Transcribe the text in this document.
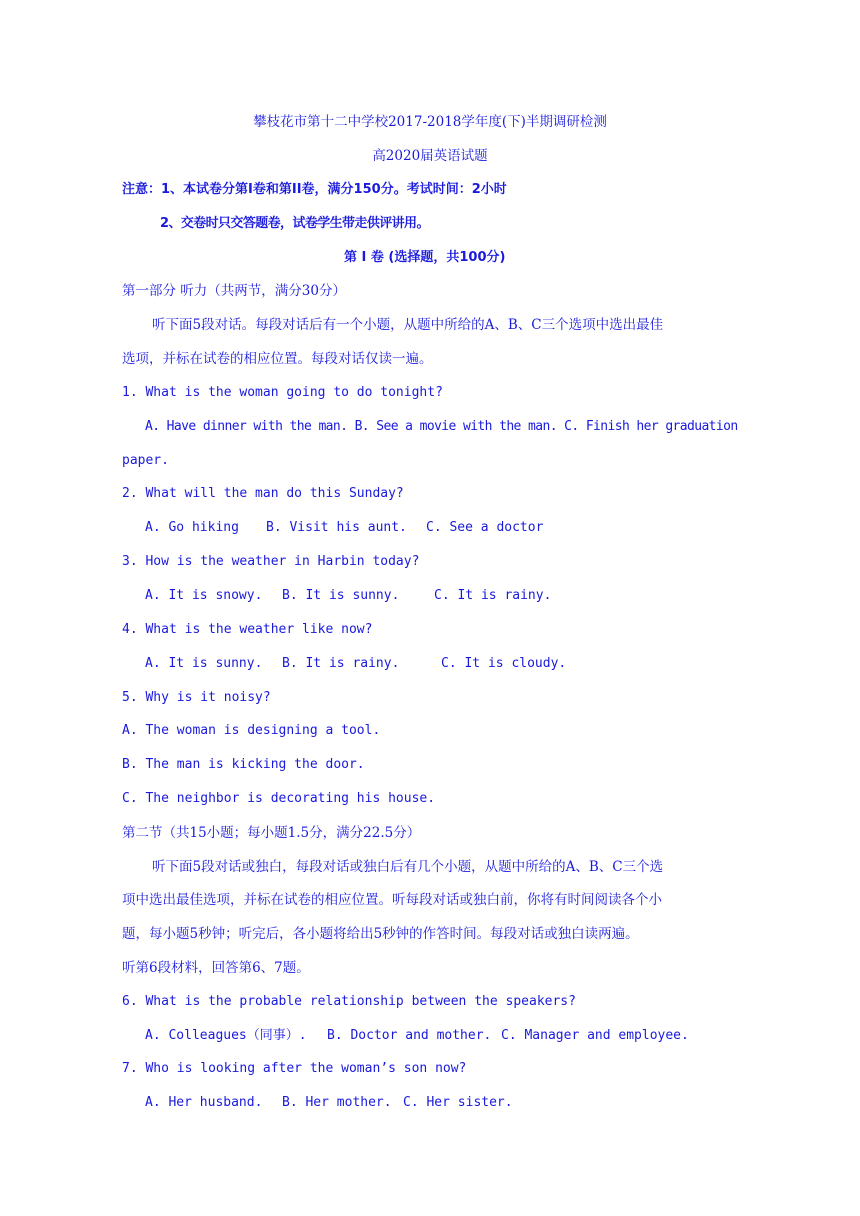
攀枝花市第十二中学校2017-2018学年度(下)半期调研检测
高2020届英语试题
注意：1、本试卷分第Ⅰ卷和第II卷，满分150分。考试时间：2小时
2、交卷时只交答题卷，试卷学生带走供评讲用。
第 Ⅰ 卷 (选择题，共100分)
第一部分 听力（共两节，满分30分）
听下面5段对话。每段对话后有一个小题，从题中所给的A、B、C三个选项中选出最佳
选项，并标在试卷的相应位置。每段对话仅读一遍。
1. What is the woman going to do tonight?
A. Have dinner with the man. B. See a movie with the man. C. Finish her graduation
paper.
2. What will the man do this Sunday?
A. Go hiking B. Visit his aunt. C. See a doctor
3. How is the weather in Harbin today?
A. It is snowy. B. It is sunny.	C. It is rainy.
4. What is the weather like now?
A. It is sunny. B. It is rainy.	C. It is cloudy.
5. Why is it noisy?
A. The woman is designing a tool.
B. The man is kicking the door.
C. The neighbor is decorating his house.
第二节（共15小题；每小题1.5分，满分22.5分）
听下面5段对话或独白，每段对话或独白后有几个小题，从题中所给的A、B、C三个选
项中选出最佳选项，并标在试卷的相应位置。听每段对话或独白前，你将有时间阅读各个小
题，每小题5秒钟；听完后，各小题将给出5秒钟的作答时间。每段对话或独白读两遍。
听第6段材料，回答第6、7题。
6. What is the probable relationship between the speakers?
A. Colleagues（同事）. B. Doctor and mother. C. Manager and employee.
7. Who is looking after the woman’s son now?
A. Her husband. B. Her mother. C. Her sister.
